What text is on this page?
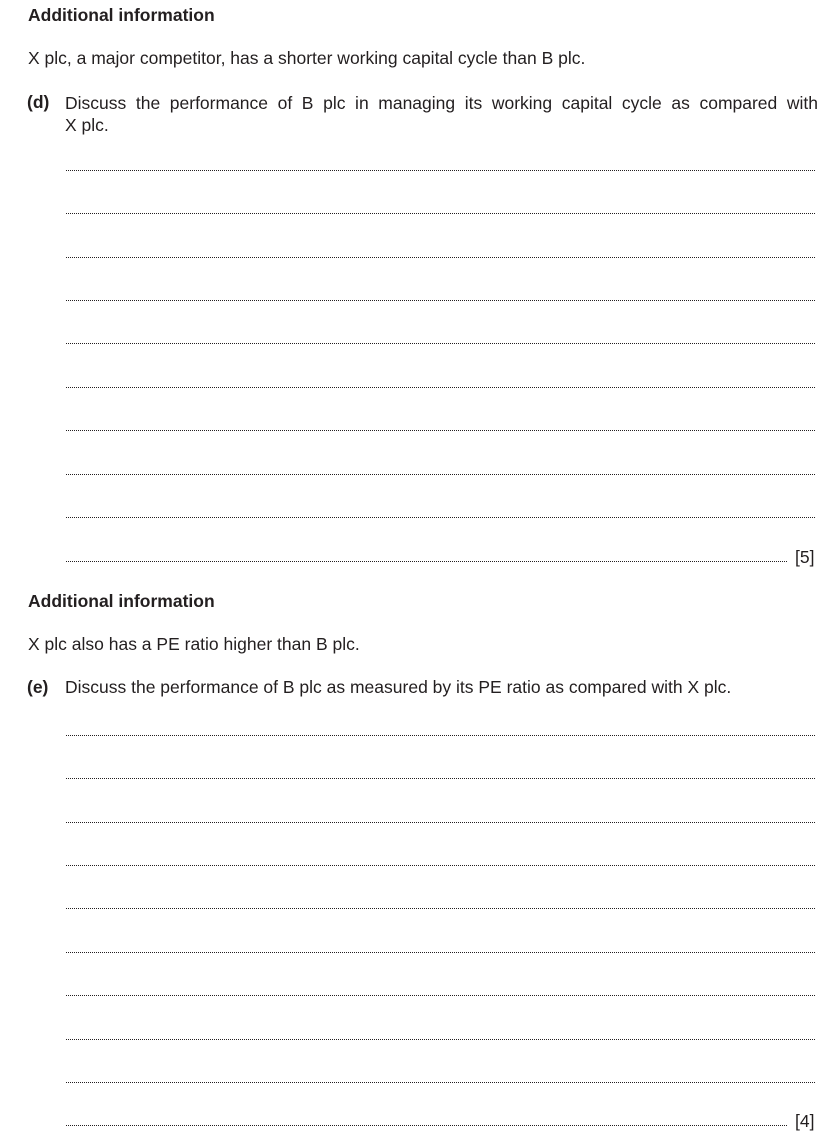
Additional information
X plc, a major competitor, has a shorter working capital cycle than B plc.
(d) Discuss the performance of B plc in managing its working capital cycle as compared with
X plc.
[5]
Additional information
X plc also has a PE ratio higher than B plc.
(e) Discuss the performance of B plc as measured by its PE ratio as compared with X plc.
[4]
